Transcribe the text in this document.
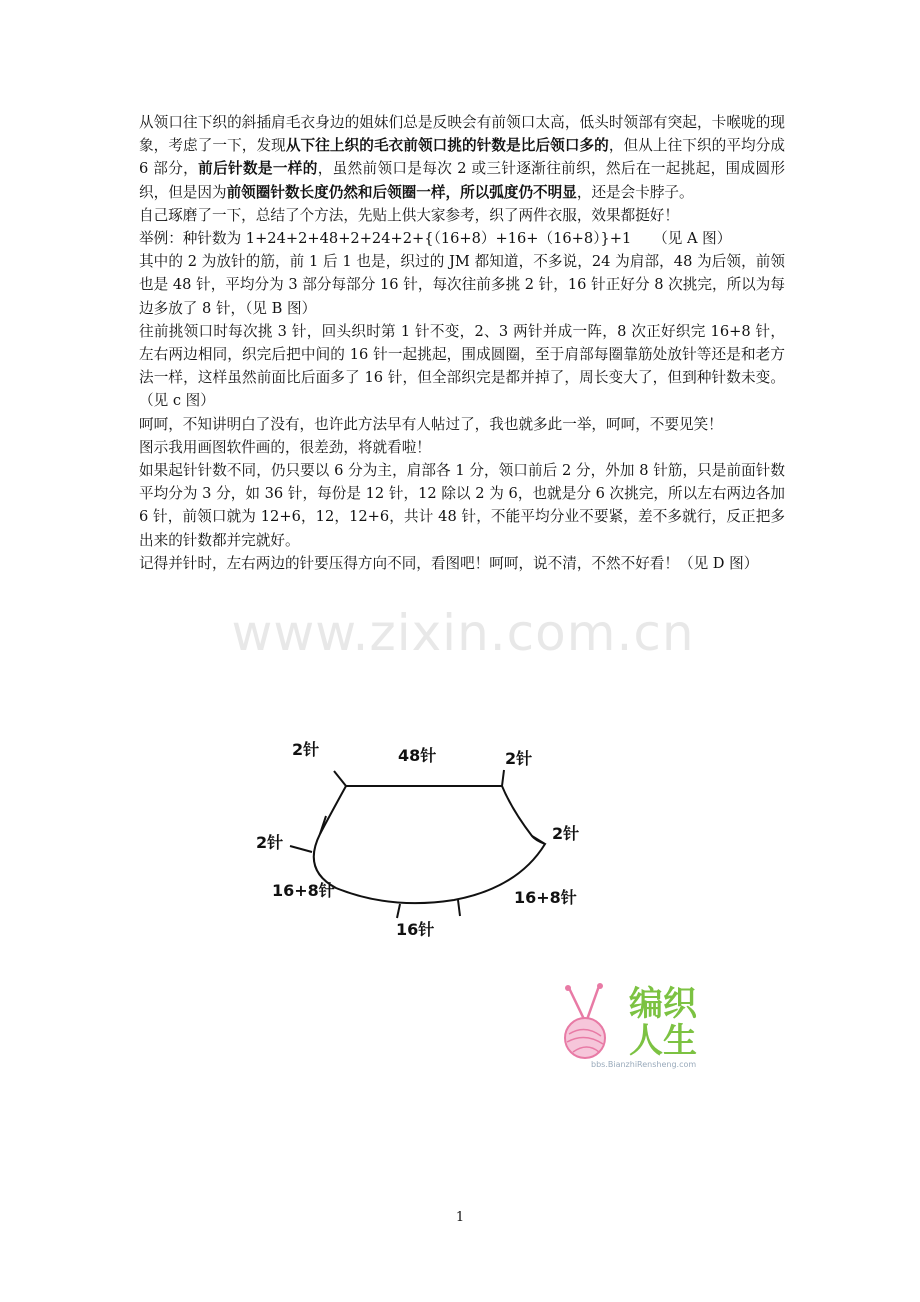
从领口往下织的斜插肩毛衣身边的姐妹们总是反映会有前领口太高，低头时领部有突起，卡喉咙的现象，考虑了一下，发现从下往上织的毛衣前领口挑的针数是比后领口多的，但从上往下织的平均分成 6 部分，前后针数是一样的，虽然前领口是每次 2 或三针逐渐往前织，然后在一起挑起，围成圆形织，但是因为前领圈针数长度仍然和后领圈一样，所以弧度仍不明显，还是会卡脖子。

自己琢磨了一下，总结了个方法，先贴上供大家参考，织了两件衣服，效果都挺好！

举例：种针数为 1+24+2+48+2+24+2+{（16+8）+16+（16+8）}+1　　（见 A 图）

其中的 2 为放针的筋，前 1 后 1 也是，织过的 JM 都知道，不多说，24 为肩部，48 为后领，前领也是 48 针，平均分为 3 部分每部分 16 针，每次往前多挑 2 针，16 针正好分 8 次挑完，所以为每边多放了 8 针，（见 B 图）

往前挑领口时每次挑 3 针，回头织时第 1 针不变，2、3 两针并成一阵，8 次正好织完 16+8 针，左右两边相同，织完后把中间的 16 针一起挑起，围成圆圈，至于肩部每圈靠筋处放针等还是和老方法一样，这样虽然前面比后面多了 16 针，但全部织完是都并掉了，周长变大了，但到种针数未变。（见 c 图）

呵呵，不知讲明白了没有，也许此方法早有人帖过了，我也就多此一举，呵呵，不要见笑！

图示我用画图软件画的，很差劲，将就看啦！

如果起针针数不同，仍只要以 6 分为主，肩部各 1 分，领口前后 2 分，外加 8 针筋，只是前面针数平均分为 3 分，如 36 针，每份是 12 针，12 除以 2 为 6，也就是分 6 次挑完，所以左右两边各加 6 针，前领口就为 12+6，12，12+6，共计 48 针，不能平均分业不要紧，差不多就行，反正把多出来的针数都并完就好。

记得并针时，左右两边的针要压得方向不同，看图吧！呵呵，说不清，不然不好看！（见 D 图）

www.zixin.com.cn
2针	48针	2针
2针	2针
16+8针	16+8针
16针
编织
人生
bbs.BianzhiRensheng.com
1
